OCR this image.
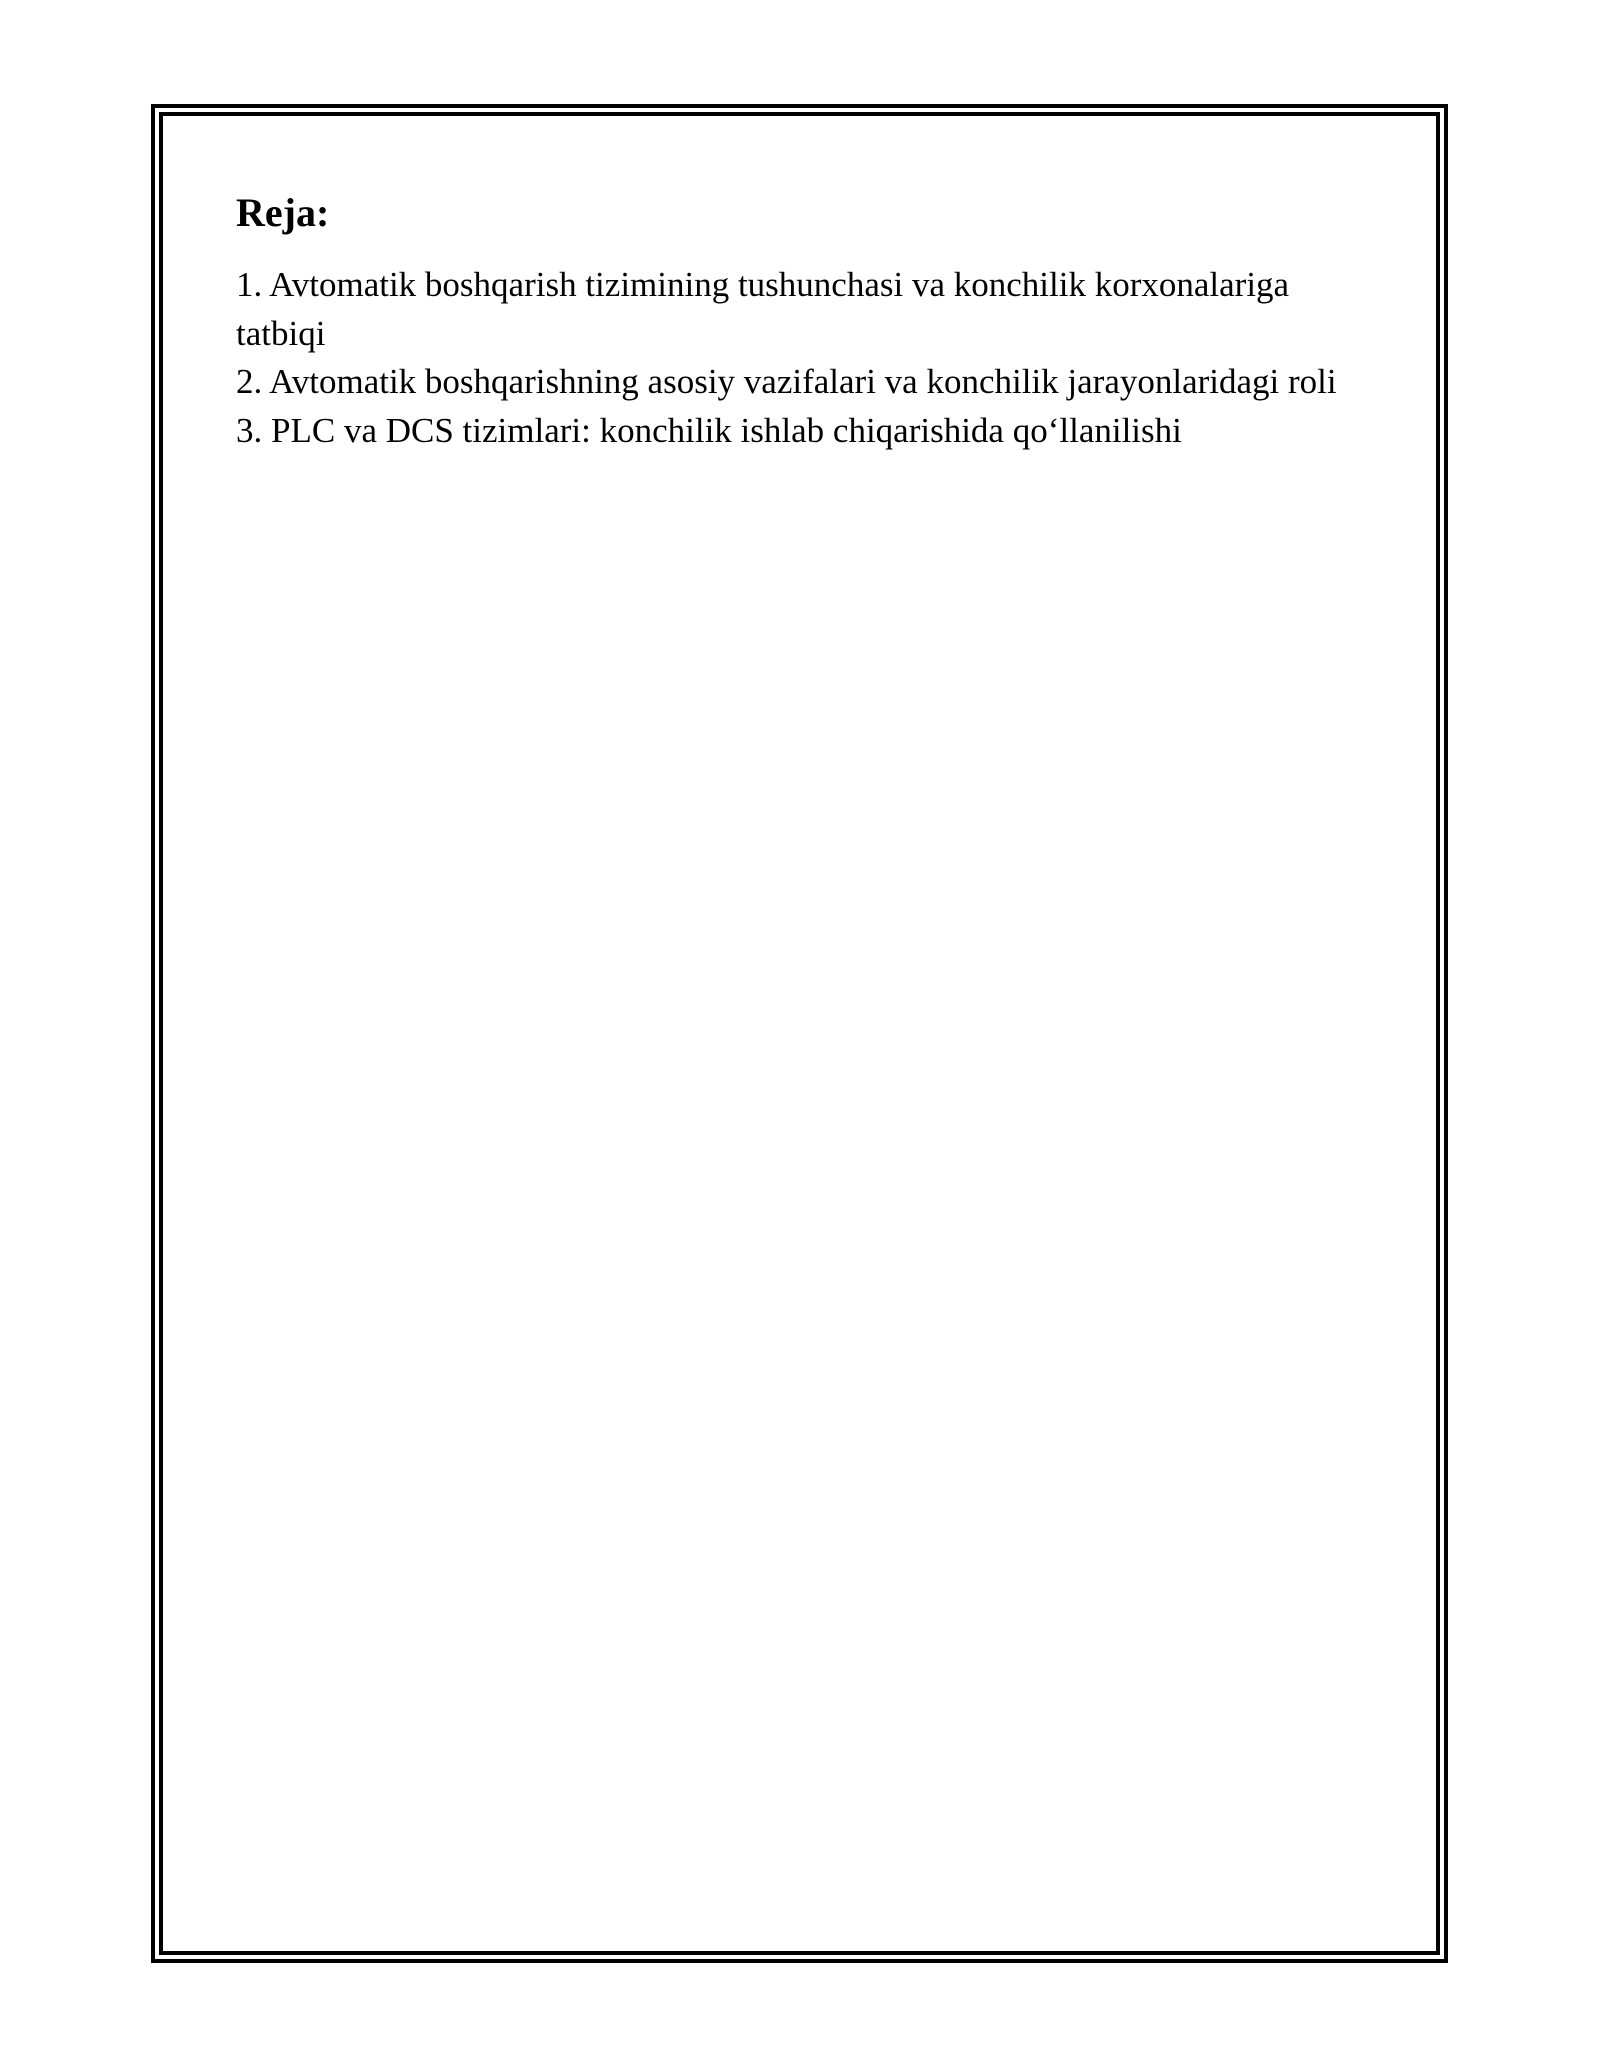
Reja:
1. Avtomatik boshqarish tizimining tushunchasi va konchilik korxonalariga tatbiqi
2. Avtomatik boshqarishning asosiy vazifalari va konchilik jarayonlaridagi roli
3. PLC va DCS tizimlari: konchilik ishlab chiqarishida qo‘llanilishi
